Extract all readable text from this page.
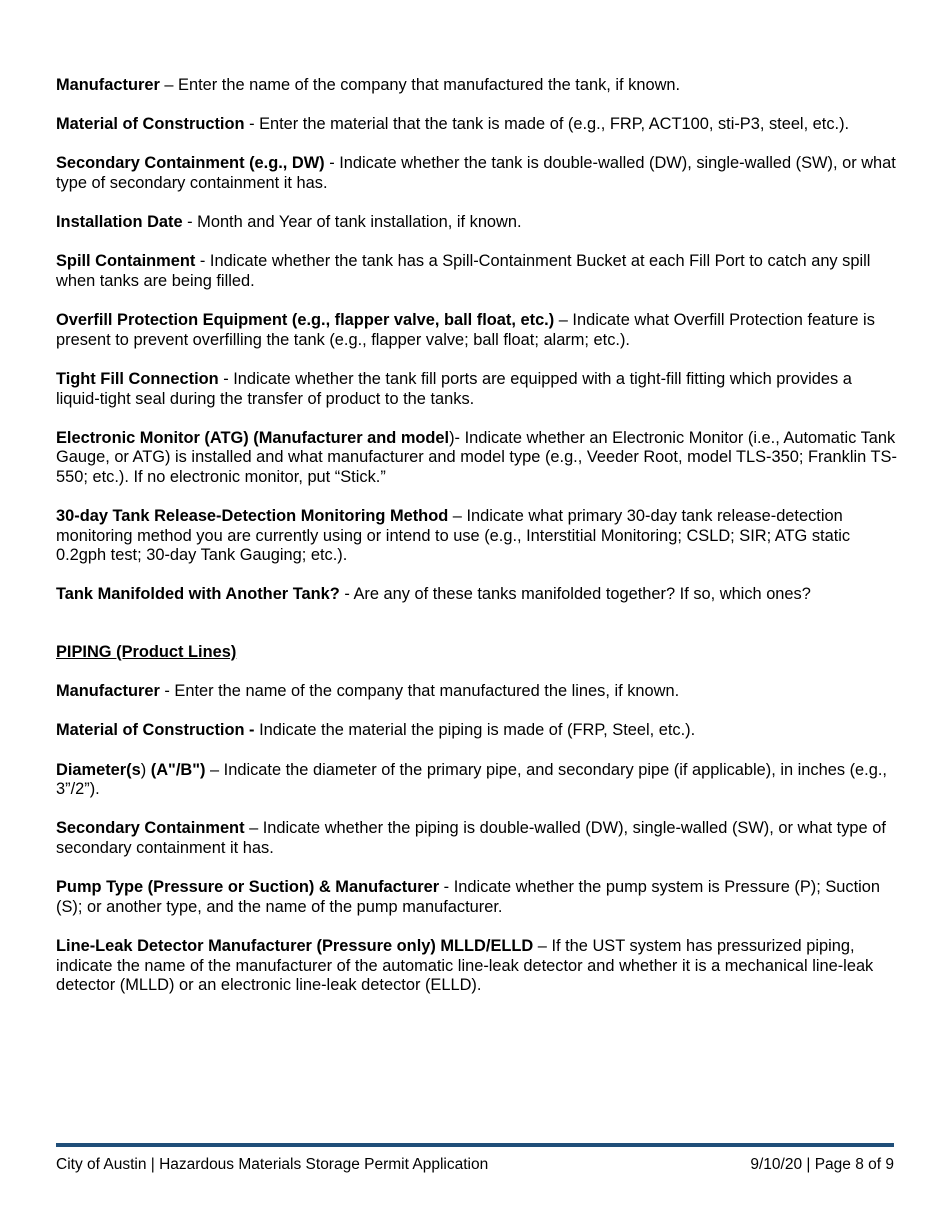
Manufacturer – Enter the name of the company that manufactured the tank, if known.

Material of Construction - Enter the material that the tank is made of (e.g., FRP, ACT100, sti-P3, steel, etc.).

Secondary Containment (e.g., DW) - Indicate whether the tank is double-walled (DW), single-walled (SW), or what type of secondary containment it has.

Installation Date - Month and Year of tank installation, if known.

Spill Containment - Indicate whether the tank has a Spill-Containment Bucket at each Fill Port to catch any spill when tanks are being filled.

Overfill Protection Equipment (e.g., flapper valve, ball float, etc.) – Indicate what Overfill Protection feature is present to prevent overfilling the tank (e.g., flapper valve; ball float; alarm; etc.).

Tight Fill Connection - Indicate whether the tank fill ports are equipped with a tight-fill fitting which provides a liquid-tight seal during the transfer of product to the tanks.

Electronic Monitor (ATG) (Manufacturer and model)- Indicate whether an Electronic Monitor (i.e., Automatic Tank Gauge, or ATG) is installed and what manufacturer and model type (e.g., Veeder Root, model TLS-350; Franklin TS-550; etc.). If no electronic monitor, put “Stick.”

30-day Tank Release-Detection Monitoring Method – Indicate what primary 30-day tank release-detection monitoring method you are currently using or intend to use (e.g., Interstitial Monitoring; CSLD; SIR; ATG static 0.2gph test; 30-day Tank Gauging; etc.).

Tank Manifolded with Another Tank? - Are any of these tanks manifolded together? If so, which ones?

PIPING (Product Lines)

Manufacturer - Enter the name of the company that manufactured the lines, if known.

Material of Construction - Indicate the material the piping is made of (FRP, Steel, etc.).

Diameter(s) (A"/B") – Indicate the diameter of the primary pipe, and secondary pipe (if applicable), in inches (e.g., 3”/2”).

Secondary Containment – Indicate whether the piping is double-walled (DW), single-walled (SW), or what type of secondary containment it has.

Pump Type (Pressure or Suction) & Manufacturer - Indicate whether the pump system is Pressure (P); Suction (S); or another type, and the name of the pump manufacturer.

Line-Leak Detector Manufacturer (Pressure only) MLLD/ELLD – If the UST system has pressurized piping, indicate the name of the manufacturer of the automatic line-leak detector and whether it is a mechanical line-leak detector (MLLD) or an electronic line-leak detector (ELLD).

City of Austin | Hazardous Materials Storage Permit Application	9/10/20 | Page 8 of 9
